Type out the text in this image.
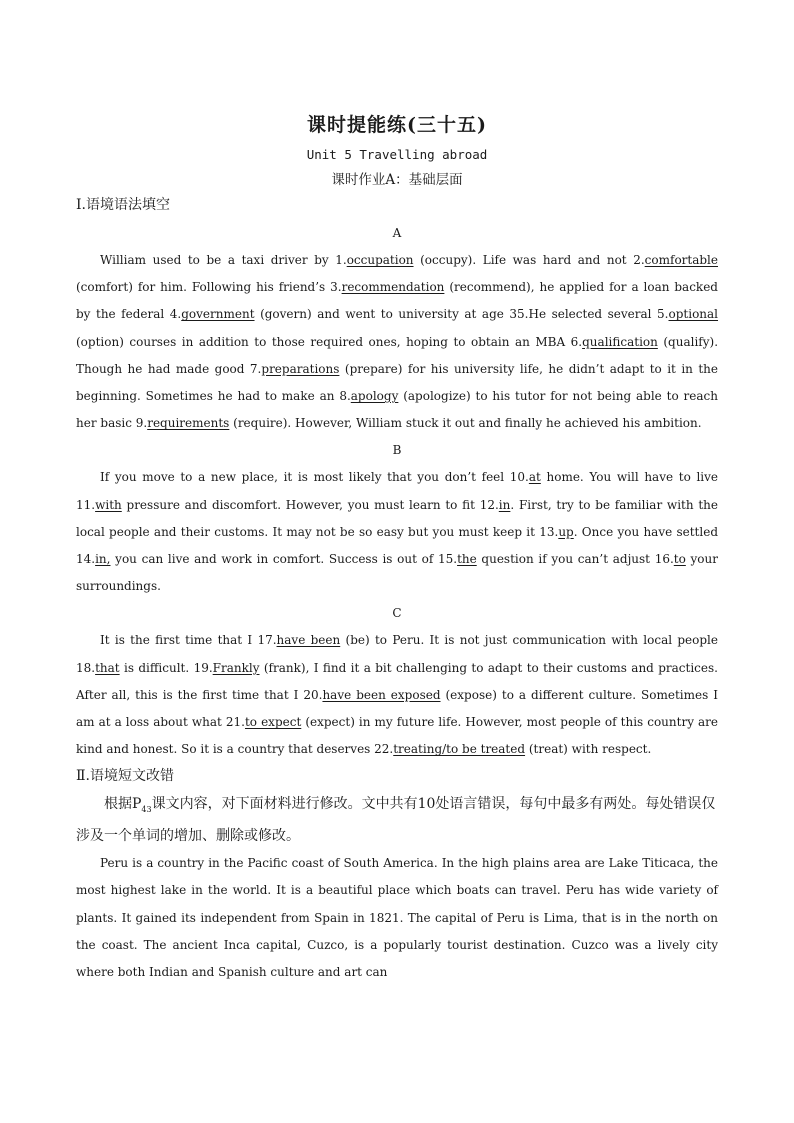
课时提能练(三十五)
Unit 5 Travelling abroad
课时作业A：基础层面
Ⅰ.语境语法填空
A

William used to be a taxi driver by 1.occupation (occupy). Life was hard and not 2.comfortable (comfort) for him. Following his friend’s 3.recommendation (recommend), he applied for a loan backed by the federal 4.government (govern) and went to university at age 35.He selected several 5.optional (option) courses in addition to those required ones, hoping to obtain an MBA 6.qualification (qualify). Though he had made good 7.preparations (prepare) for his university life, he didn’t adapt to it in the beginning. Sometimes he had to make an 8.apology (apologize) to his tutor for not being able to reach her basic 9.requirements (require). However, William stuck it out and finally he achieved his ambition.

B

If you move to a new place, it is most likely that you don’t feel 10.at home. You will have to live 11.with pressure and discomfort. However, you must learn to fit 12.in. First, try to be familiar with the local people and their customs. It may not be so easy but you must keep it 13.up. Once you have settled 14.in, you can live and work in comfort. Success is out of 15.the question if you can’t adjust 16.to your surroundings.

C

It is the first time that I 17.have been (be) to Peru. It is not just communication with local people 18.that is difficult. 19.Frankly (frank), I find it a bit challenging to adapt to their customs and practices. After all, this is the first time that I 20.have been exposed (expose) to a different culture. Sometimes I am at a loss about what 21.to expect (expect) in my future life. However, most people of this country are kind and honest. So it is a country that deserves 22.treating/to be treated (treat) with respect.

Ⅱ.语境短文改错

根据$P_{43}$课文内容，对下面材料进行修改。文中共有10处语言错误，每句中最多有两处。每处错误仅涉及一个单词的增加、删除或修改。

Peru is a country in the Pacific coast of South America. In the high plains area are Lake Titicaca, the most highest lake in the world. It is a beautiful place which boats can travel. Peru has wide variety of plants. It gained its independent from Spain in 1821. The capital of Peru is Lima, that is in the north on the coast. The ancient Inca capital, Cuzco, is a popularly tourist destination. Cuzco was a lively city where both Indian and Spanish culture and art can
